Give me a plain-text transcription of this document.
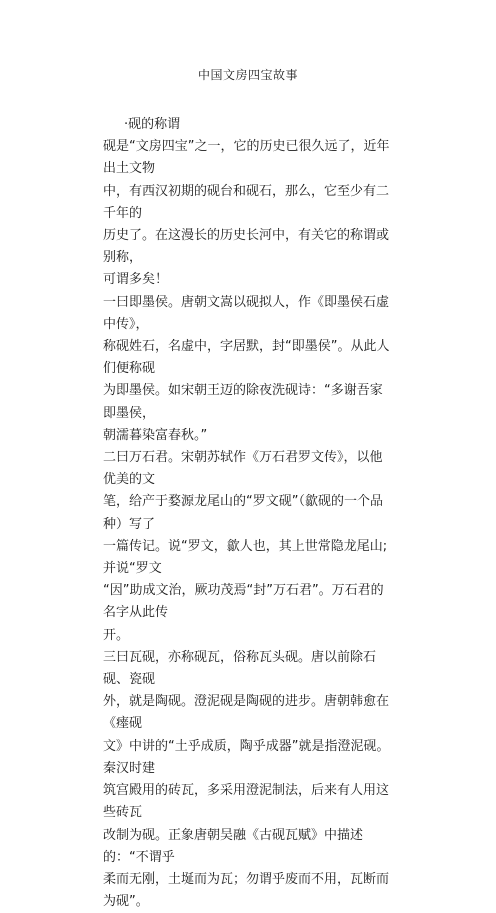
中国文房四宝故事

·砚的称谓

砚是“文房四宝”之一，它的历史已很久远了，近年出土文物

中，有西汉初期的砚台和砚石，那么，它至少有二千年的

历史了。在这漫长的历史长河中，有关它的称谓或别称，

可谓多矣！

一曰即墨侯。唐朝文嵩以砚拟人，作《即墨侯石虚中传》，

称砚姓石，名虚中，字居默，封“即墨侯”。从此人们便称砚

为即墨侯。如宋朝王迈的除夜洗砚诗：“多谢吾家即墨侯，

朝濡暮染富春秋。”

二曰万石君。宋朝苏轼作《万石君罗文传》，以他优美的文

笔，给产于婺源龙尾山的“罗文砚”（歙砚的一个品种）写了

一篇传记。说“罗文，歙人也，其上世常隐龙尾山;并说“罗文

“因”助成文治，厥功茂焉“封”万石君”。万石君的名字从此传

开。

三曰瓦砚，亦称砚瓦，俗称瓦头砚。唐以前除石砚、瓷砚

外，就是陶砚。澄泥砚是陶砚的进步。唐朝韩愈在《瘗砚

文》中讲的“土乎成质，陶乎成器”就是指澄泥砚。秦汉时建

筑宫殿用的砖瓦，多采用澄泥制法，后来有人用这些砖瓦

改制为砚。正象唐朝吴融《古砚瓦赋》中描述的：“不谓乎

柔而无刚，土埏而为瓦；勿谓乎废而不用，瓦断而为砚”。
